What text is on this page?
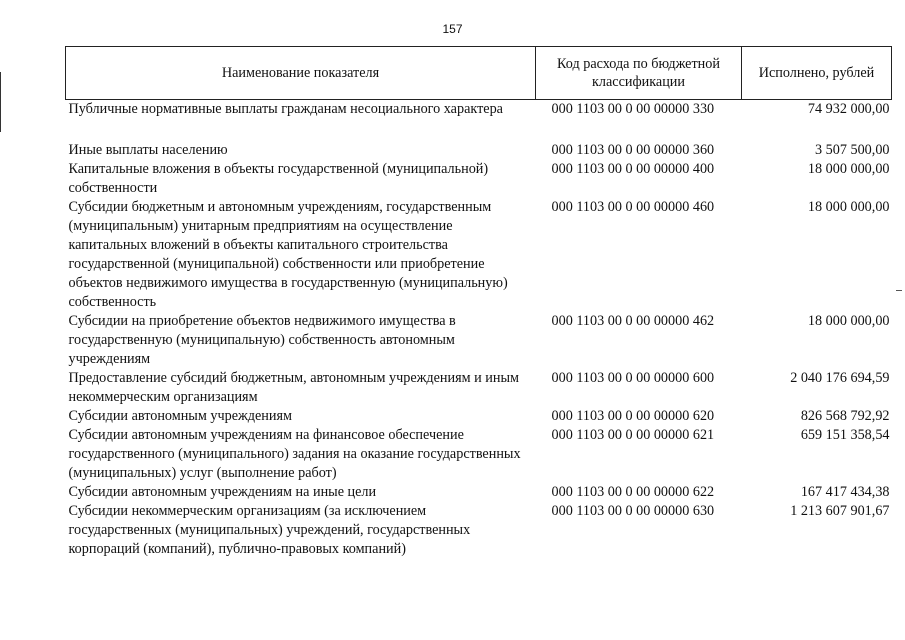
157
Наименование показателя	Код расхода по бюджетной классификации	Исполнено, рублей
Публичные нормативные выплаты гражданам несоциального характера	000 1103 00 0 00 00000 330	74 932 000,00

Иные выплаты населению	000 1103 00 0 00 00000 360	3 507 500,00
Капитальные вложения в объекты государственной (муниципальной) собственности	000 1103 00 0 00 00000 400	18 000 000,00
Субсидии бюджетным и автономным учреждениям, государственным (муниципальным) унитарным предприятиям на осуществление капитальных вложений в объекты капитального строительства государственной (муниципальной) собственности или приобретение объектов недвижимого имущества в государственную (муниципальную) собственность	000 1103 00 0 00 00000 460	18 000 000,00
Субсидии на приобретение объектов недвижимого имущества в государственную (муниципальную) собственность автономным учреждениям	000 1103 00 0 00 00000 462	18 000 000,00
Предоставление субсидий бюджетным, автономным учреждениям и иным некоммерческим организациям	000 1103 00 0 00 00000 600	2 040 176 694,59
Субсидии автономным учреждениям	000 1103 00 0 00 00000 620	826 568 792,92
Субсидии автономным учреждениям на финансовое обеспечение государственного (муниципального) задания на оказание государственных (муниципальных) услуг (выполнение работ)	000 1103 00 0 00 00000 621	659 151 358,54
Субсидии автономным учреждениям на иные цели	000 1103 00 0 00 00000 622	167 417 434,38
Субсидии некоммерческим организациям (за исключением государственных (муниципальных) учреждений, государственных корпораций (компаний), публично-правовых компаний)	000 1103 00 0 00 00000 630	1 213 607 901,67
